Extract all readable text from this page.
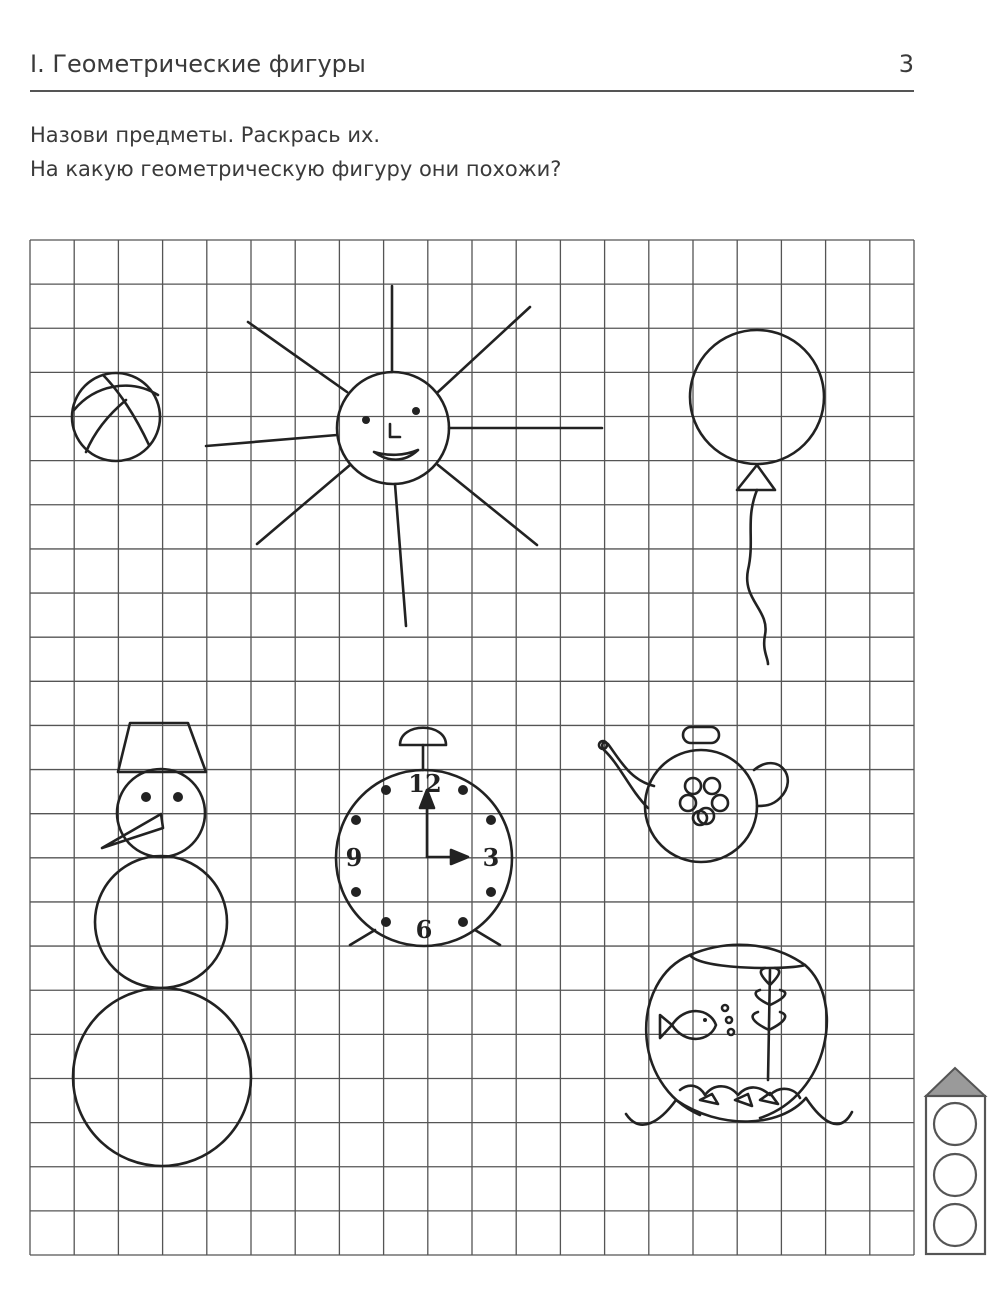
I. Геометрические фигуры	3
Назови предметы. Раскрась их.
На какую геометрическую фигуру они похожи?
12
3
6
9
